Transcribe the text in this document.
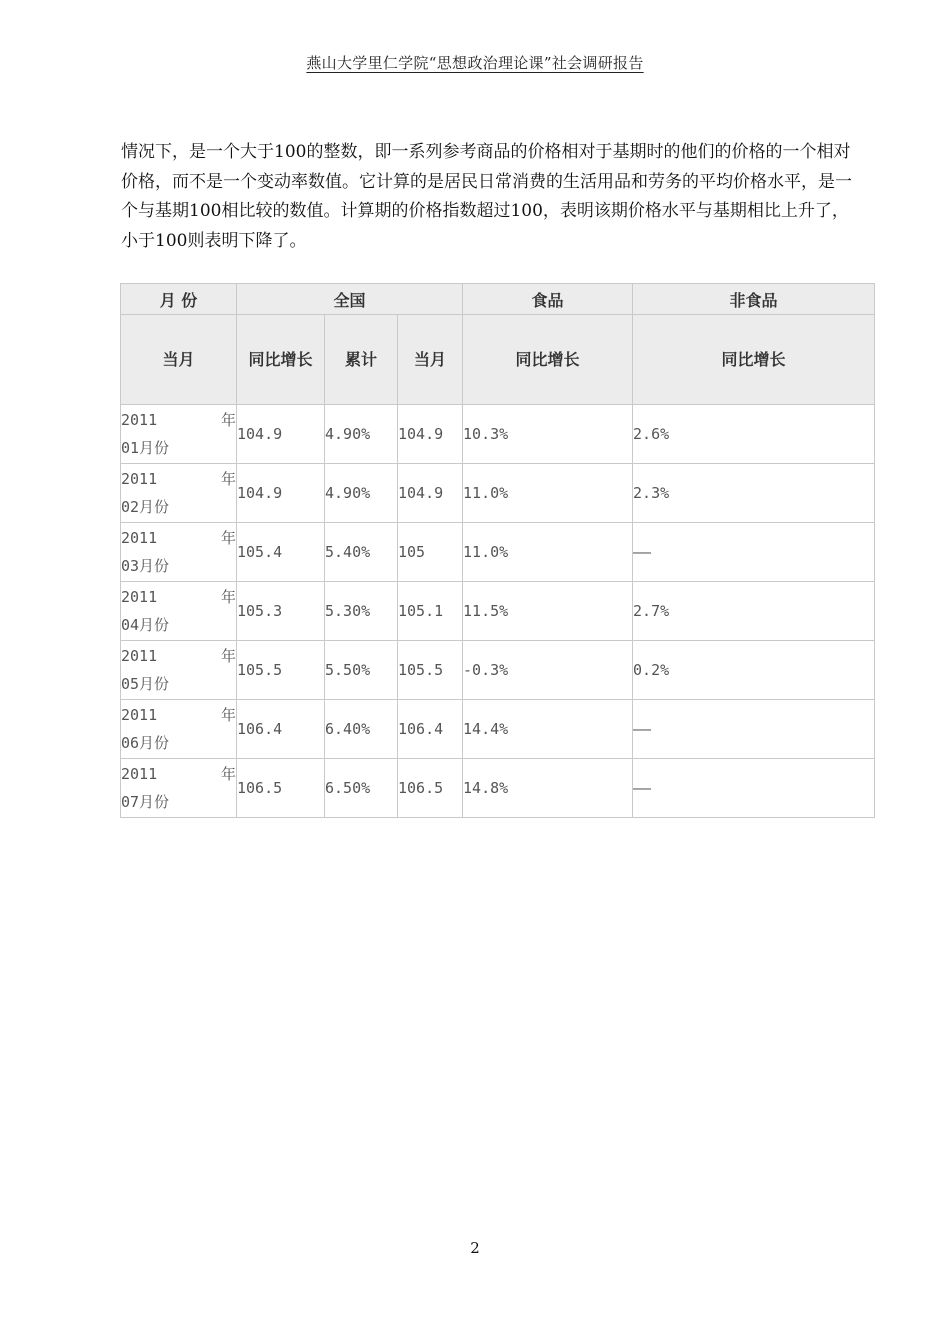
燕山大学里仁学院“思想政治理论课”社会调研报告

情况下，是一个大于100的整数，即一系列参考商品的价格相对于基期时的他们的价格的一个相对价格，而不是一个变动率数值。它计算的是居民日常消费的生活用品和劳务的平均价格水平，是一个与基期100相比较的数值。计算期的价格指数超过100，表明该期价格水平与基期相比上升了，小于100则表明下降了。

月 份	全国			食品	非食品
当月	同比增长	累计	当月	同比增长	同比增长

2011 年
01月份	104.9	4.90%	104.9	10.3%	2.6%

2011 年
02月份	104.9	4.90%	104.9	11.0%	2.3%

2011 年
03月份	105.4	5.40%	105	11.0%	——

2011 年
04月份	105.3	5.30%	105.1	11.5%	2.7%

2011 年
05月份	105.5	5.50%	105.5	-0.3%	0.2%

2011 年
06月份	106.4	6.40%	106.4	14.4%	——

2011 年
07月份	106.5	6.50%	106.5	14.8%	——
2
